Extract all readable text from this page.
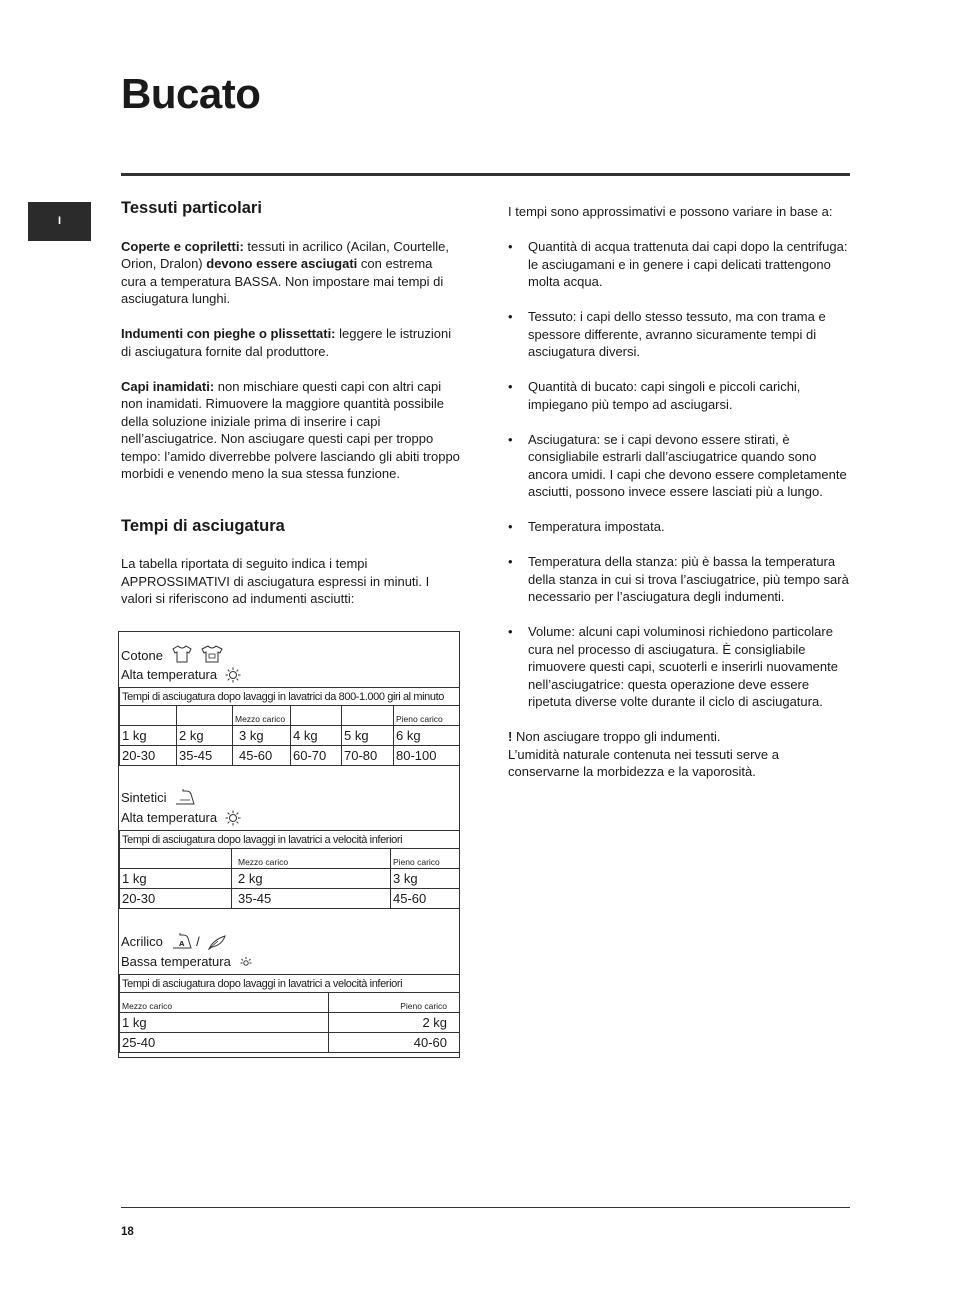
Bucato
I
Tessuti particolari

Coperte e copriletti: tessuti in acrilico (Acilan, Courtelle, Orion, Dralon) devono essere asciugati con estrema cura a temperatura BASSA. Non impostare mai tempi di asciugatura lunghi.

Indumenti con pieghe o plissettati: leggere le istruzioni di asciugatura fornite dal produttore.

Capi inamidati: non mischiare questi capi con altri capi non inamidati. Rimuovere la maggiore quantità possibile della soluzione iniziale prima di inserire i capi nell’asciugatrice. Non asciugare questi capi per troppo tempo: l’amido diverrebbe polvere lasciando gli abiti troppo morbidi e venendo meno la sua stessa funzione.

Tempi di asciugatura

La tabella riportata di seguito indica i tempi APPROSSIMATIVI di asciugatura espressi in minuti. I valori si riferiscono ad indumenti asciutti:

Cotone
Alta temperatura
Tempi di asciugatura dopo lavaggi in lavatrici da 800-1.000 giri al minuto					
		Mezzo carico			Pieno carico
1 kg	2 kg	3 kg	4 kg	5 kg	6 kg
20-30	35-45	45-60	60-70	70-80	80-100
Sintetici
Alta temperatura
Tempi di asciugatura dopo lavaggi in lavatrici a velocità inferiori		
	Mezzo carico	Pieno carico
1 kg	2 kg	3 kg
20-30	35-45	45-60
Acrilico A /
Bassa temperatura
Tempi di asciugatura dopo lavaggi in lavatrici a velocità inferiori	
Mezzo carico	Pieno carico
1 kg	2 kg
25-40	40-60

I tempi sono approssimativi e possono variare in base a:

• Quantità di acqua trattenuta dai capi dopo la centrifuga: le asciugamani e in genere i capi delicati trattengono molta acqua.
• Tessuto: i capi dello stesso tessuto, ma con trama e spessore differente, avranno sicuramente tempi di asciugatura diversi.
• Quantità di bucato: capi singoli e piccoli carichi, impiegano più tempo ad asciugarsi.
• Asciugatura: se i capi devono essere stirati, è consigliabile estrarli dall’asciugatrice quando sono ancora umidi. I capi che devono essere completamente asciutti, possono invece essere lasciati più a lungo.
• Temperatura impostata.
• Temperatura della stanza: più è bassa la temperatura della stanza in cui si trova l’asciugatrice, più tempo sarà necessario per l’asciugatura degli indumenti.
• Volume: alcuni capi voluminosi richiedono particolare cura nel processo di asciugatura. È consigliabile rimuovere questi capi, scuoterli e inserirli nuovamente nell’asciugatrice: questa operazione deve essere ripetuta diverse volte durante il ciclo di asciugatura.

! Non asciugare troppo gli indumenti.
L’umidità naturale contenuta nei tessuti serve a conservarne la morbidezza e la vaporosità.

18
